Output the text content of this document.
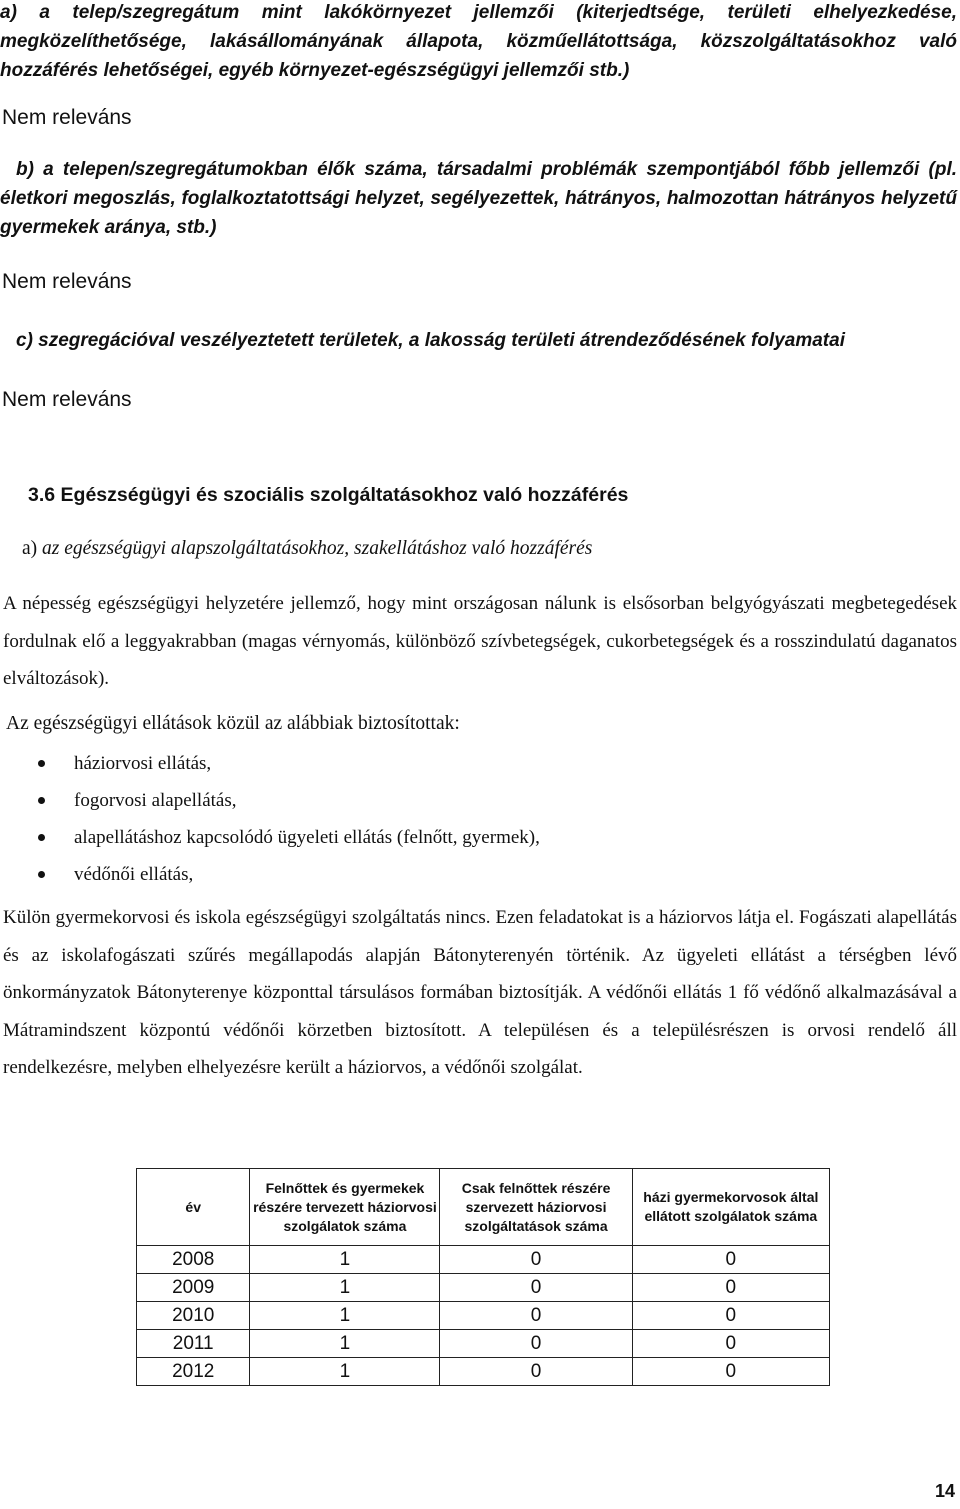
a) a telep/szegregátum mint lakókörnyezet jellemzői (kiterjedtsége, területi elhelyezkedése, megközelíthetősége, lakásállományának állapota, közműellátottsága, közszolgáltatásokhoz való hozzáférés lehetőségei, egyéb környezet-egészségügyi jellemzői stb.)

Nem releváns

b) a telepen/szegregátumokban élők száma, társadalmi problémák szempontjából főbb jellemzői (pl. életkori megoszlás, foglalkoztatottsági helyzet, segélyezettek, hátrányos, halmozottan hátrányos helyzetű gyermekek aránya, stb.)

Nem releváns

c) szegregációval veszélyeztetett területek, a lakosság területi átrendeződésének folyamatai

Nem releváns

3.6 Egészségügyi és szociális szolgáltatásokhoz való hozzáférés

a) az egészségügyi alapszolgáltatásokhoz, szakellátáshoz való hozzáférés

A népesség egészségügyi helyzetére jellemző, hogy mint országosan nálunk is elsősorban belgyógyászati megbetegedések fordulnak elő a leggyakrabban (magas vérnyomás, különböző szívbetegségek, cukorbetegségek és a rosszindulatú daganatos elváltozások).

Az egészségügyi ellátások közül az alábbiak biztosítottak:

háziorvosi ellátás,
fogorvosi alapellátás,
alapellátáshoz kapcsolódó ügyeleti ellátás (felnőtt, gyermek),
védőnői ellátás,

Külön gyermekorvosi és iskola egészségügyi szolgáltatás nincs. Ezen feladatokat is a háziorvos látja el. Fogászati alapellátás és az iskolafogászati szűrés megállapodás alapján Bátonyterenyén történik. Az ügyeleti ellátást a térségben lévő önkormányzatok Bátonyterenye központtal társulásos formában biztosítják. A védőnői ellátás 1 fő védőnő alkalmazásával a Mátramindszent központú védőnői körzetben biztosított. A településen és a településrészen is orvosi rendelő áll rendelkezésre, melyben elhelyezésre került a háziorvos, a védőnői szolgálat.

év	Felnőttek és gyermekek részére tervezett háziorvosi szolgálatok száma	Csak felnőttek részére szervezett háziorvosi szolgáltatások száma	házi gyermekorvosok által ellátott szolgálatok száma
2008	1	0	0
2009	1	0	0
2010	1	0	0
2011	1	0	0
2012	1	0	0
14
